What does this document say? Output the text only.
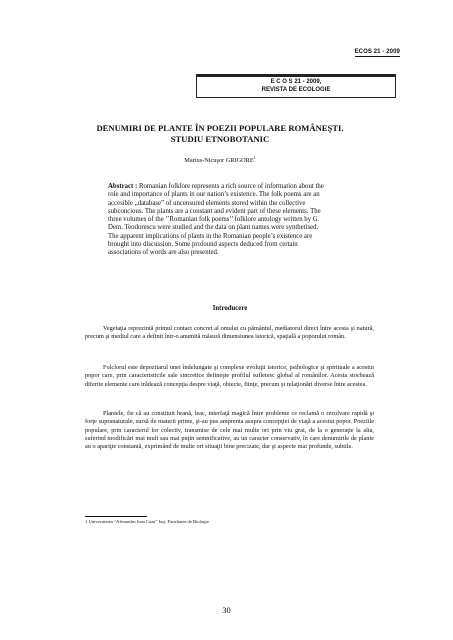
ECOS 21 - 2009
E C O S 21 - 2009,
REVISTA DE ECOLOGIE
DENUMIRI DE PLANTE ÎN POEZII POPULARE ROMÂNEŞTI. STUDIU ETNOBOTANIC
Marius-Nicuşor GRIGORE$^1$
Abstract : Romanian folklore represents a rich source of information about the role and importance of plants in our nation’s existence. The folk poems are an accesible „database” of uncensured elements stored within the collective subconcious. The plants are a constant and evident part of these elements. The three volumes of the ’’Romanian folk poems’’ folklore antology written by G. Dem. Teodorescu were studied and the data on plant names were synthetised. The apparent implications of plants in the Romanian people’s existence are brought into discussion. Some profound aspects deduced from certain associations of words are also presented.
Introducere

Vegetaţia reprezintă primul contact concret al omului cu pământul, mediatorul direct între acesta şi natură, precum şi mediul care a definit într-o anumită măsură dimensiunea istorică, spaţială a poporului român.

Folclorul este depozitarul unei îndelungate şi complexe evoluţii istorice, psihologice şi spirituale a acestui popor care, prin caracteristicile sale sincretice defineşte profilul sufletesc global al românilor. Acesta stochează diferite elemente care trădează concepţia despre viaţă, obiecte, fiinţe, precum şi relaţionări diverse între acestea.

Plantele, fie că au constituit hrană, leac, interfaţă magică între probleme ce reclamă o rezolvare rapidă şi forţe supranaturale, sursă de materii prime, şi-au pus amprenta asupra concepţiei de viaţă a acestui popor. Poeziile populare, prin caracterul lor colectiv, transmise de cele mai multe ori prin viu grai, de la o generaţie la alta, suferind modificări mai mult sau mai puţin semnificative, au un caracter conservativ, în care denumirile de plante au o apariţie constantă, exprimând de multe ori situaţii bine precizate, dar şi aspecte mai profunde, subtile.

1 Universitatea “Alexandru Ioan Cuza” Iaşi, Facultatea de Biologie
30
